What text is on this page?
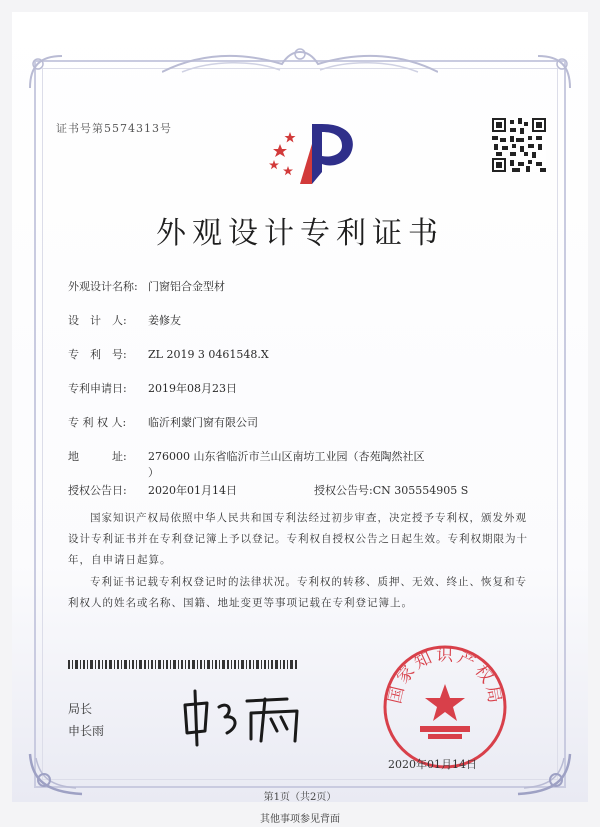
证书号第5574313号
外观设计专利证书
外观设计名称: 门窗铝合金型材
设　计　人: 姜修友
专　利　号: ZL 2019 3 0461548.X
专利申请日: 2019年08月23日
专 利 权 人: 临沂利蒙门窗有限公司
地　　　址: 276000 山东省临沂市兰山区南坊工业园（杏苑陶然社区
）
授权公告日: 2020年01月14日	授权公告号:CN 305554905 S
国家知识产权局依照中华人民共和国专利法经过初步审查，决定授予专利权，颁发外观
设计专利证书并在专利登记簿上予以登记。专利权自授权公告之日起生效。专利权期限为十
年，自申请日起算。
专利证书记载专利权登记时的法律状况。专利权的转移、质押、无效、终止、恢复和专
利权人的姓名或名称、国籍、地址变更等事项记载在专利登记簿上。
局长
申长雨
国家知识产权局
2020年01月14日
第1页（共2页）
其他事项参见背面
